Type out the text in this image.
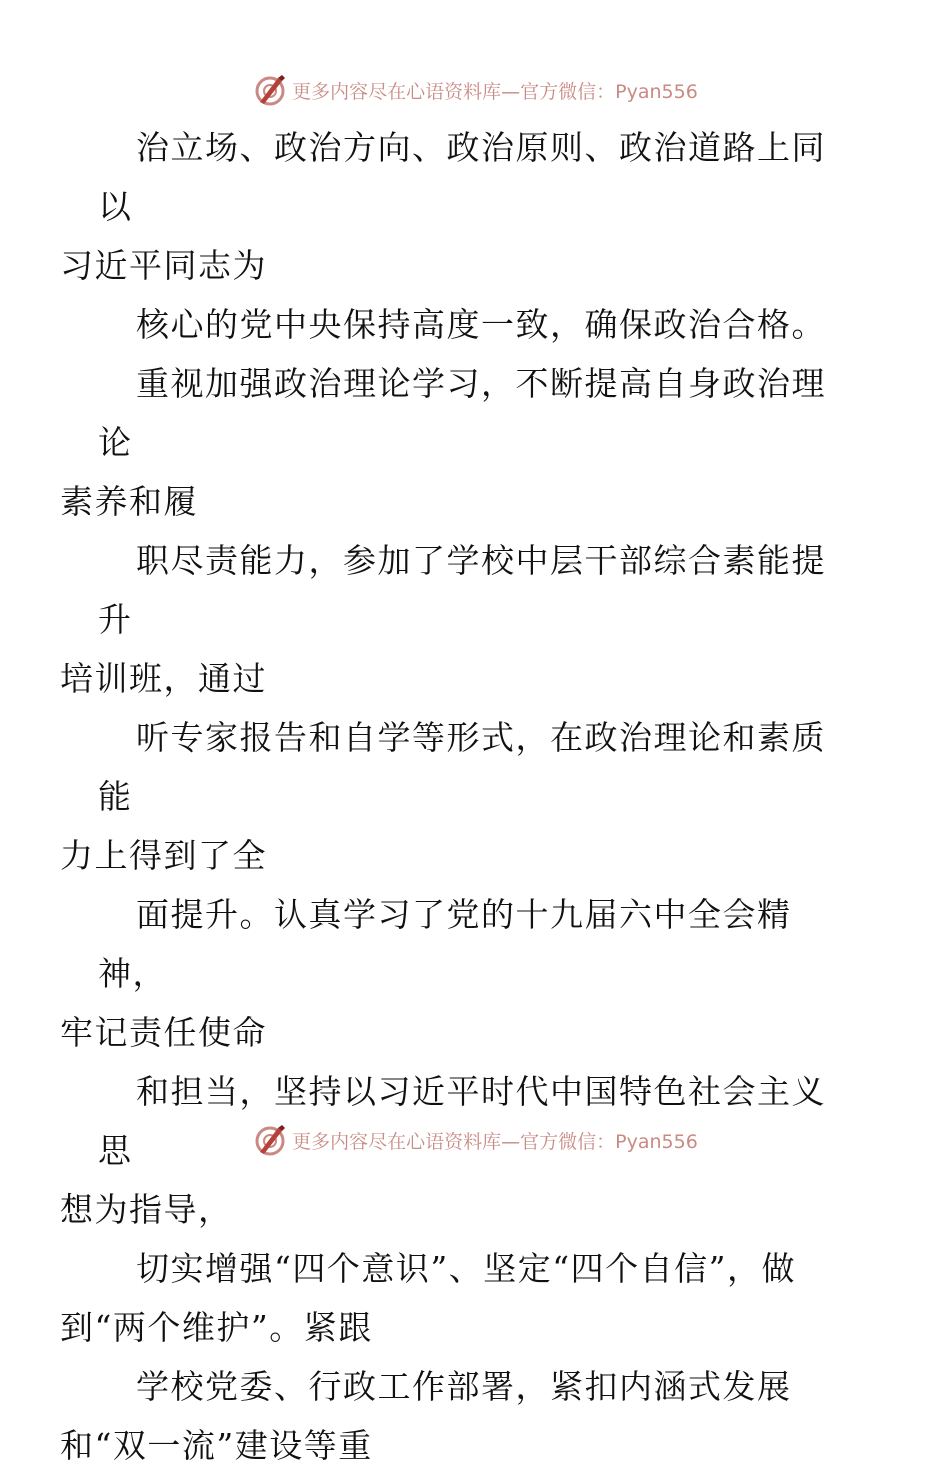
更多内容尽在心语资料库—官方微信：Pyan556

治立场、政治方向、政治原则、政治道路上同以
习近平同志为

核心的党中央保持高度一致，确保政治合格。

重视加强政治理论学习，不断提高自身政治理论
素养和履

职尽责能力，参加了学校中层干部综合素能提升
培训班，通过

听专家报告和自学等形式，在政治理论和素质能
力上得到了全

面提升。认真学习了党的十九届六中全会精神，
牢记责任使命

和担当，坚持以习近平时代中国特色社会主义思
想为指导，

切实增强“四个意识”、坚定“四个自信”，做
到“两个维护”。紧跟

学校党委、行政工作部署，紧扣内涵式发展
和“双一流”建设等重

更多内容尽在心语资料库—官方微信：Pyan556
